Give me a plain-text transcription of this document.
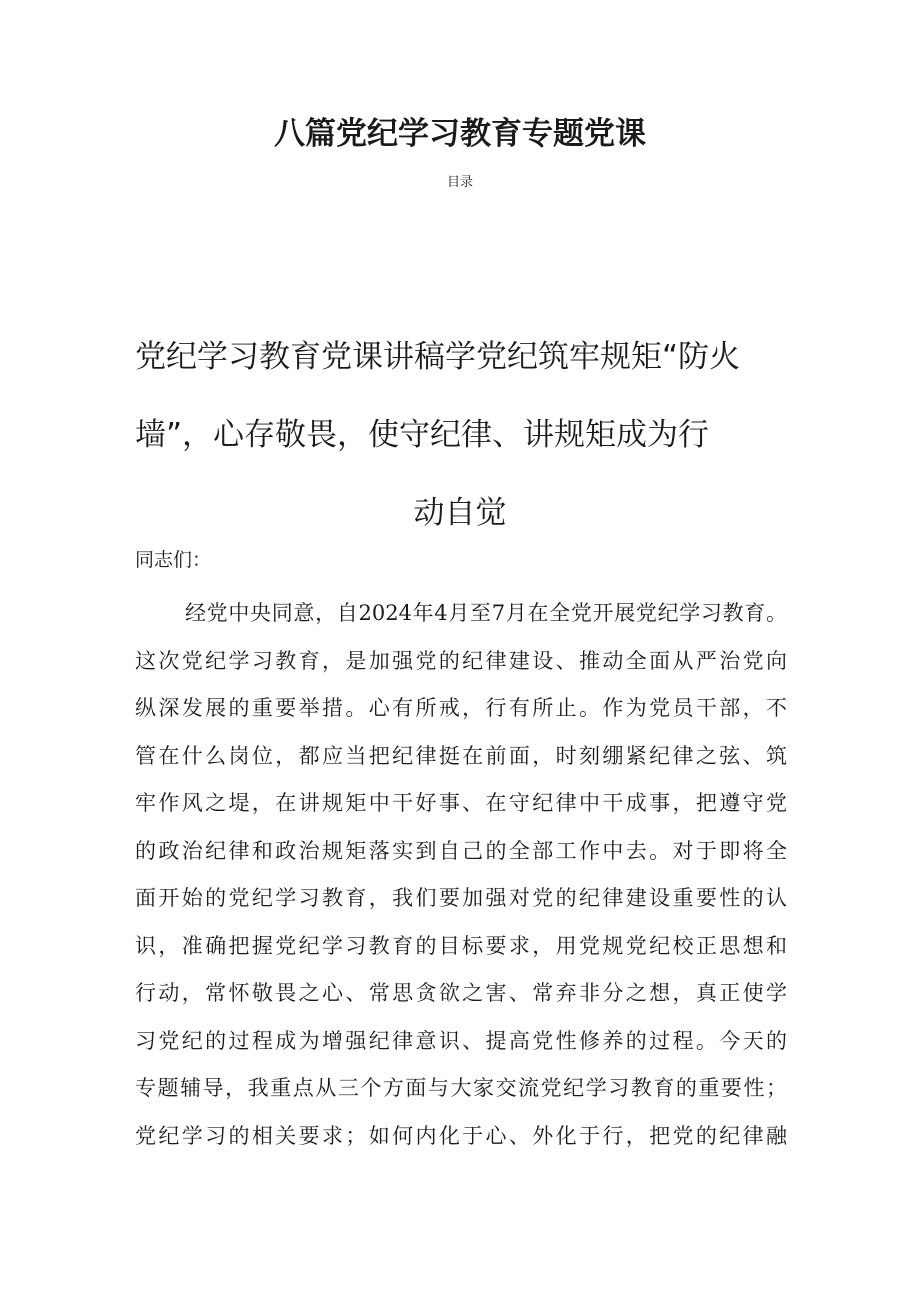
八篇党纪学习教育专题党课
目录
党纪学习教育党课讲稿学党纪筑牢规矩“防火
墙”，心存敬畏，使守纪律、讲规矩成为行
动自觉
同志们：
经党中央同意，自2024年4月至7月在全党开展党纪学习教育。
这次党纪学习教育，是加强党的纪律建设、推动全面从严治党向
纵深发展的重要举措。心有所戒，行有所止。作为党员干部，不
管在什么岗位，都应当把纪律挺在前面，时刻绷紧纪律之弦、筑
牢作风之堤，在讲规矩中干好事、在守纪律中干成事，把遵守党
的政治纪律和政治规矩落实到自己的全部工作中去。对于即将全
面开始的党纪学习教育，我们要加强对党的纪律建设重要性的认
识，准确把握党纪学习教育的目标要求，用党规党纪校正思想和
行动，常怀敬畏之心、常思贪欲之害、常弃非分之想，真正使学
习党纪的过程成为增强纪律意识、提高党性修养的过程。今天的
专题辅导，我重点从三个方面与大家交流党纪学习教育的重要性；
党纪学习的相关要求；如何内化于心、外化于行，把党的纪律融
